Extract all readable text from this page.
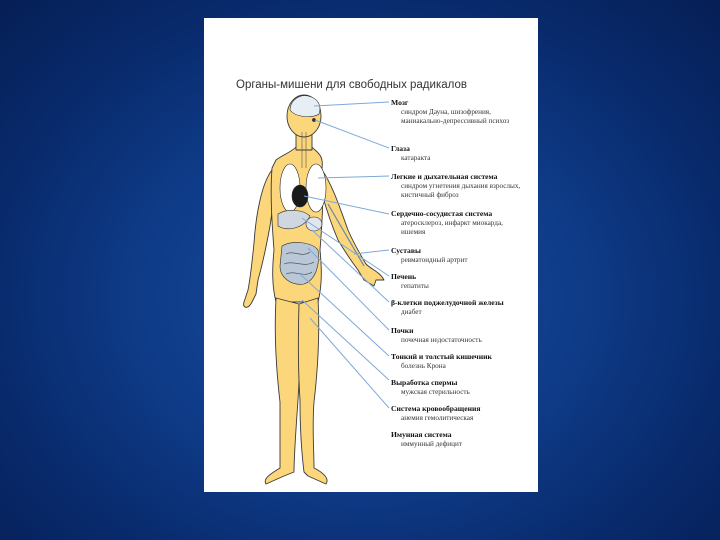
Органы-мишени для свободных радикалов
Мозг
синдром Дауна, шизофрения, маниакально-депрессивный психоз
Глаза
катаракта
Легкие и дыхательная система
синдром угнетения дыхания взрослых, кистичный фиброз
Сердечно-сосудистая система
атеросклероз, инфаркт миокарда, ишемия
Суставы
ревматоидный артрит
Печень
гепатиты
β-клетки поджелудочной железы
диабет
Почки
почечная недостаточность
Тонкий и толстый кишечник
болезнь Крона
Выработка спермы
мужская стерильность
Система кровообращения
анемия гемолитическая
Имунная система
иммунный дефицит
